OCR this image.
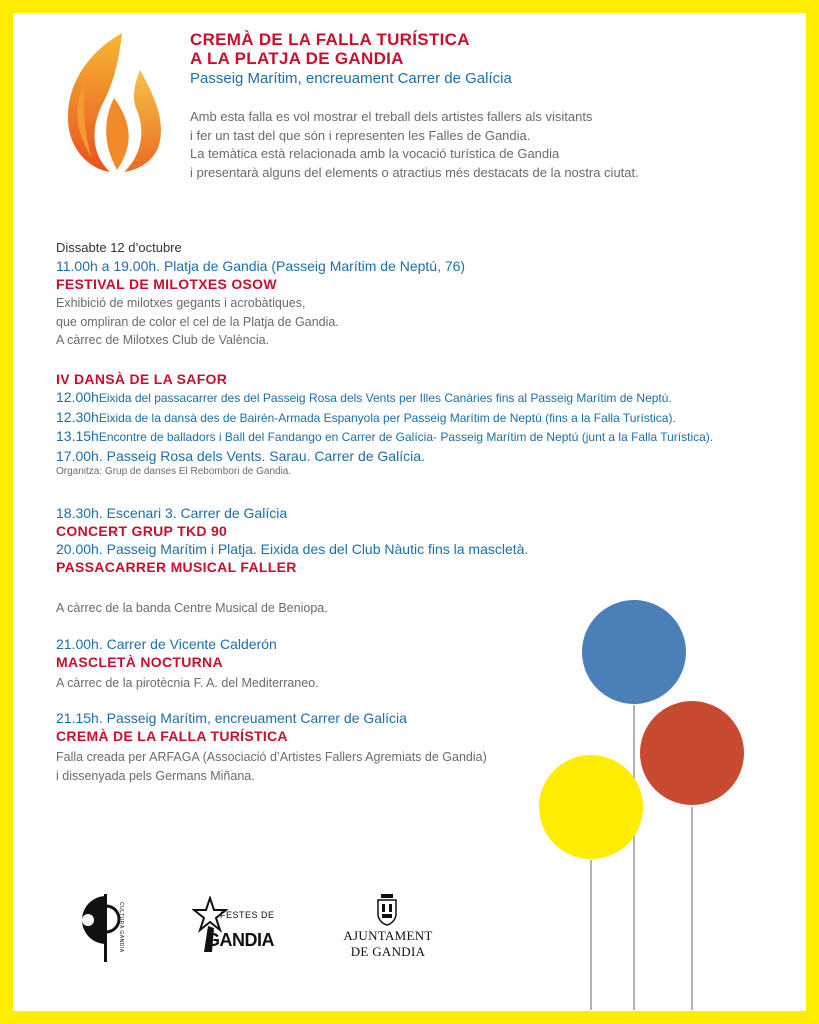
CREMÀ DE LA FALLA TURÍSTICA
A LA PLATJA DE GANDIA
Passeig Marítim, encreuament Carrer de Galícia
Amb esta falla es vol mostrar el treball dels artistes fallers als visitants
i fer un tast del que són i representen les Falles de Gandia.
La temàtica està relacionada amb la vocació turística de Gandia
i presentarà alguns del elements o atractius més destacats de la nostra ciutat.
Dissabte 12 d’octubre
11.00h a 19.00h. Platja de Gandia (Passeig Marítim de Neptú, 76)
FESTIVAL DE MILOTXES OSOW
Exhibició de milotxes gegants i acrobàtiques,
que ompliran de color el cel de la Platja de Gandia.
A càrrec de Milotxes Club de València.
IV DANSÀ DE LA SAFOR
12.00hEixida del passacarrer des del Passeig Rosa dels Vents per Illes Canàries fins al Passeig Marítim de Neptú.
12.30hEixida de la dansà des de Bairén-Armada Espanyola per Passeig Marítim de Neptú (fins a la Falla Turística).
13.15hEncontre de balladors i Ball del Fandango en Carrer de Galícia- Passeig Marítim de Neptú (junt a la Falla Turística).
17.00h. Passeig Rosa dels Vents. Sarau. Carrer de Galícia.
Organitza: Grup de danses El Rebombori de Gandia.
18.30h. Escenari 3. Carrer de Galícia
CONCERT GRUP TKD 90
20.00h. Passeig Marítim i Platja. Eixida des del Club Nàutic fins la mascletà.
PASSACARRER MUSICAL FALLER
A càrrec de la banda Centre Musical de Beniopa.
21.00h. Carrer de Vicente Calderón
MASCLETÀ NOCTURNA
A càrrec de la pirotècnia F. A. del Mediterraneo.
21.15h. Passeig Marítim, encreuament Carrer de Galícia
CREMÀ DE LA FALLA TURÍSTICA
Falla creada per ARFAGA (Associació d’Artistes Fallers Agremiats de Gandia)
i dissenyada pels Germans Miñana.
CULTURA GANDIA	FESTES DE
GANDIA	AJUNTAMENT
DE GANDIA
